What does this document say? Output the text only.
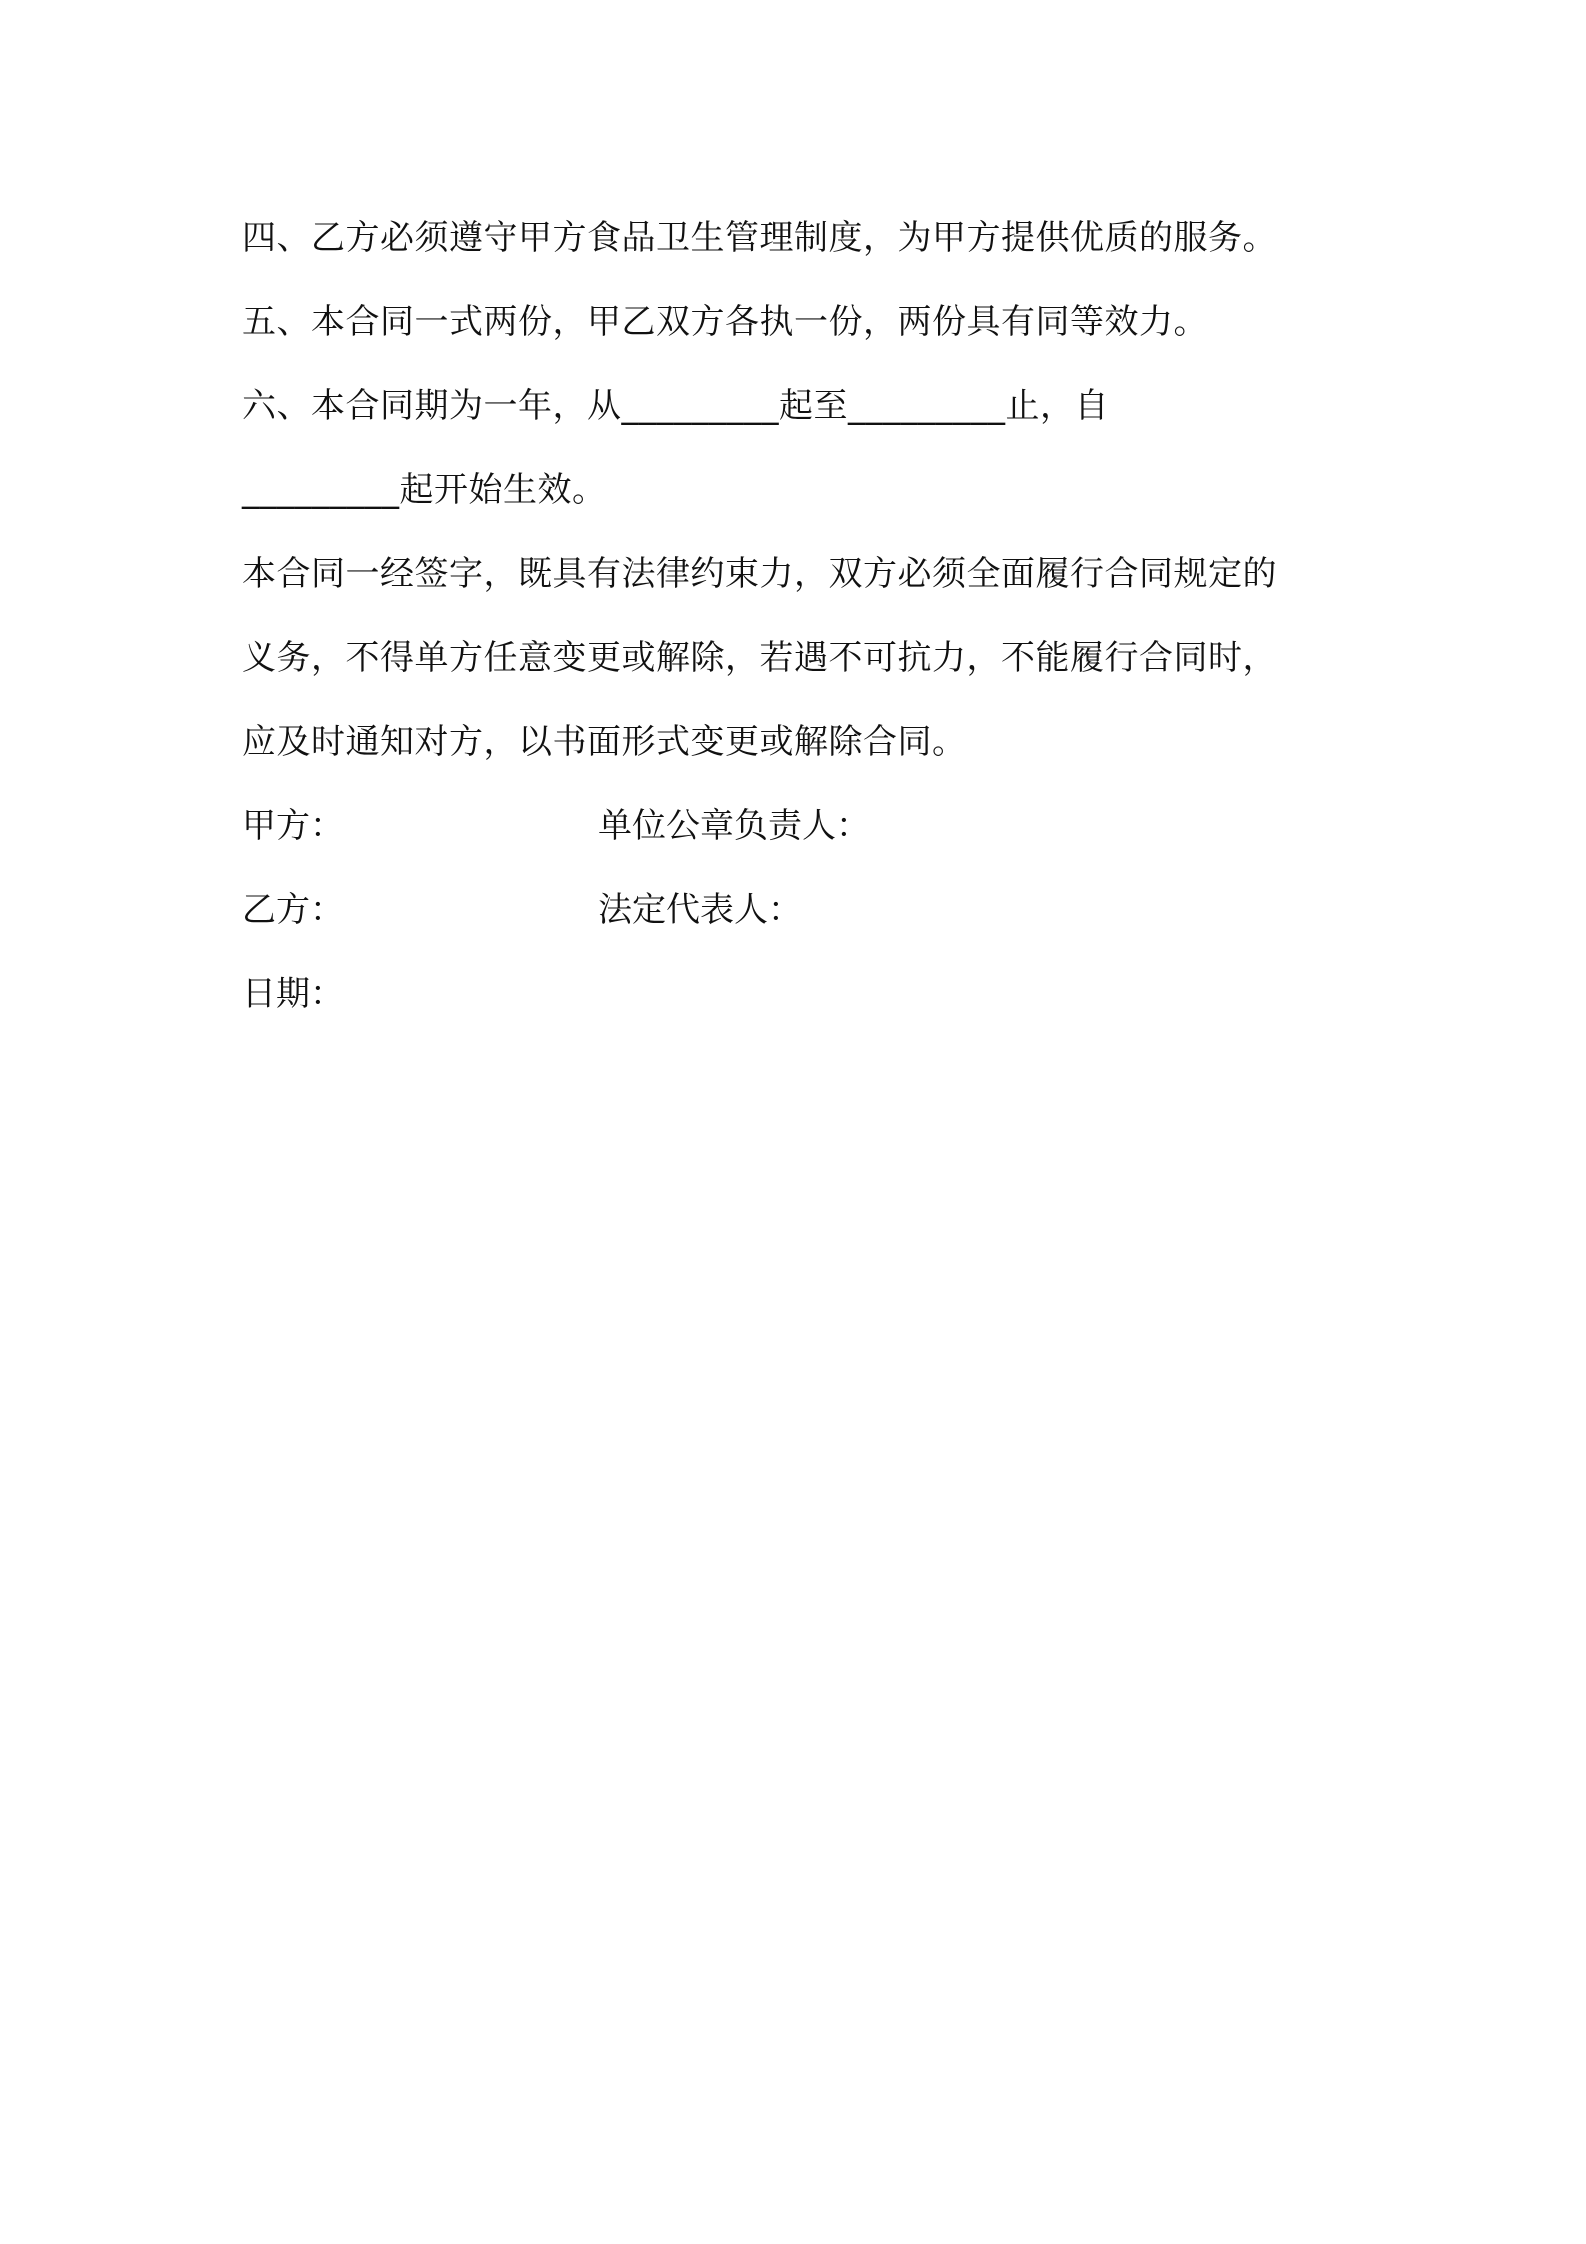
四、乙方必须遵守甲方食品卫生管理制度，为甲方提供优质的服务。
五、本合同一式两份，甲乙双方各执一份，两份具有同等效力。
六、本合同期为一年，从_________起至_________止，自
_________起开始生效。
本合同一经签字，既具有法律约束力，双方必须全面履行合同规定的
义务，不得单方任意变更或解除，若遇不可抗力，不能履行合同时，
应及时通知对方，以书面形式变更或解除合同。
甲方：	单位公章负责人：
乙方：	法定代表人：
日期：
